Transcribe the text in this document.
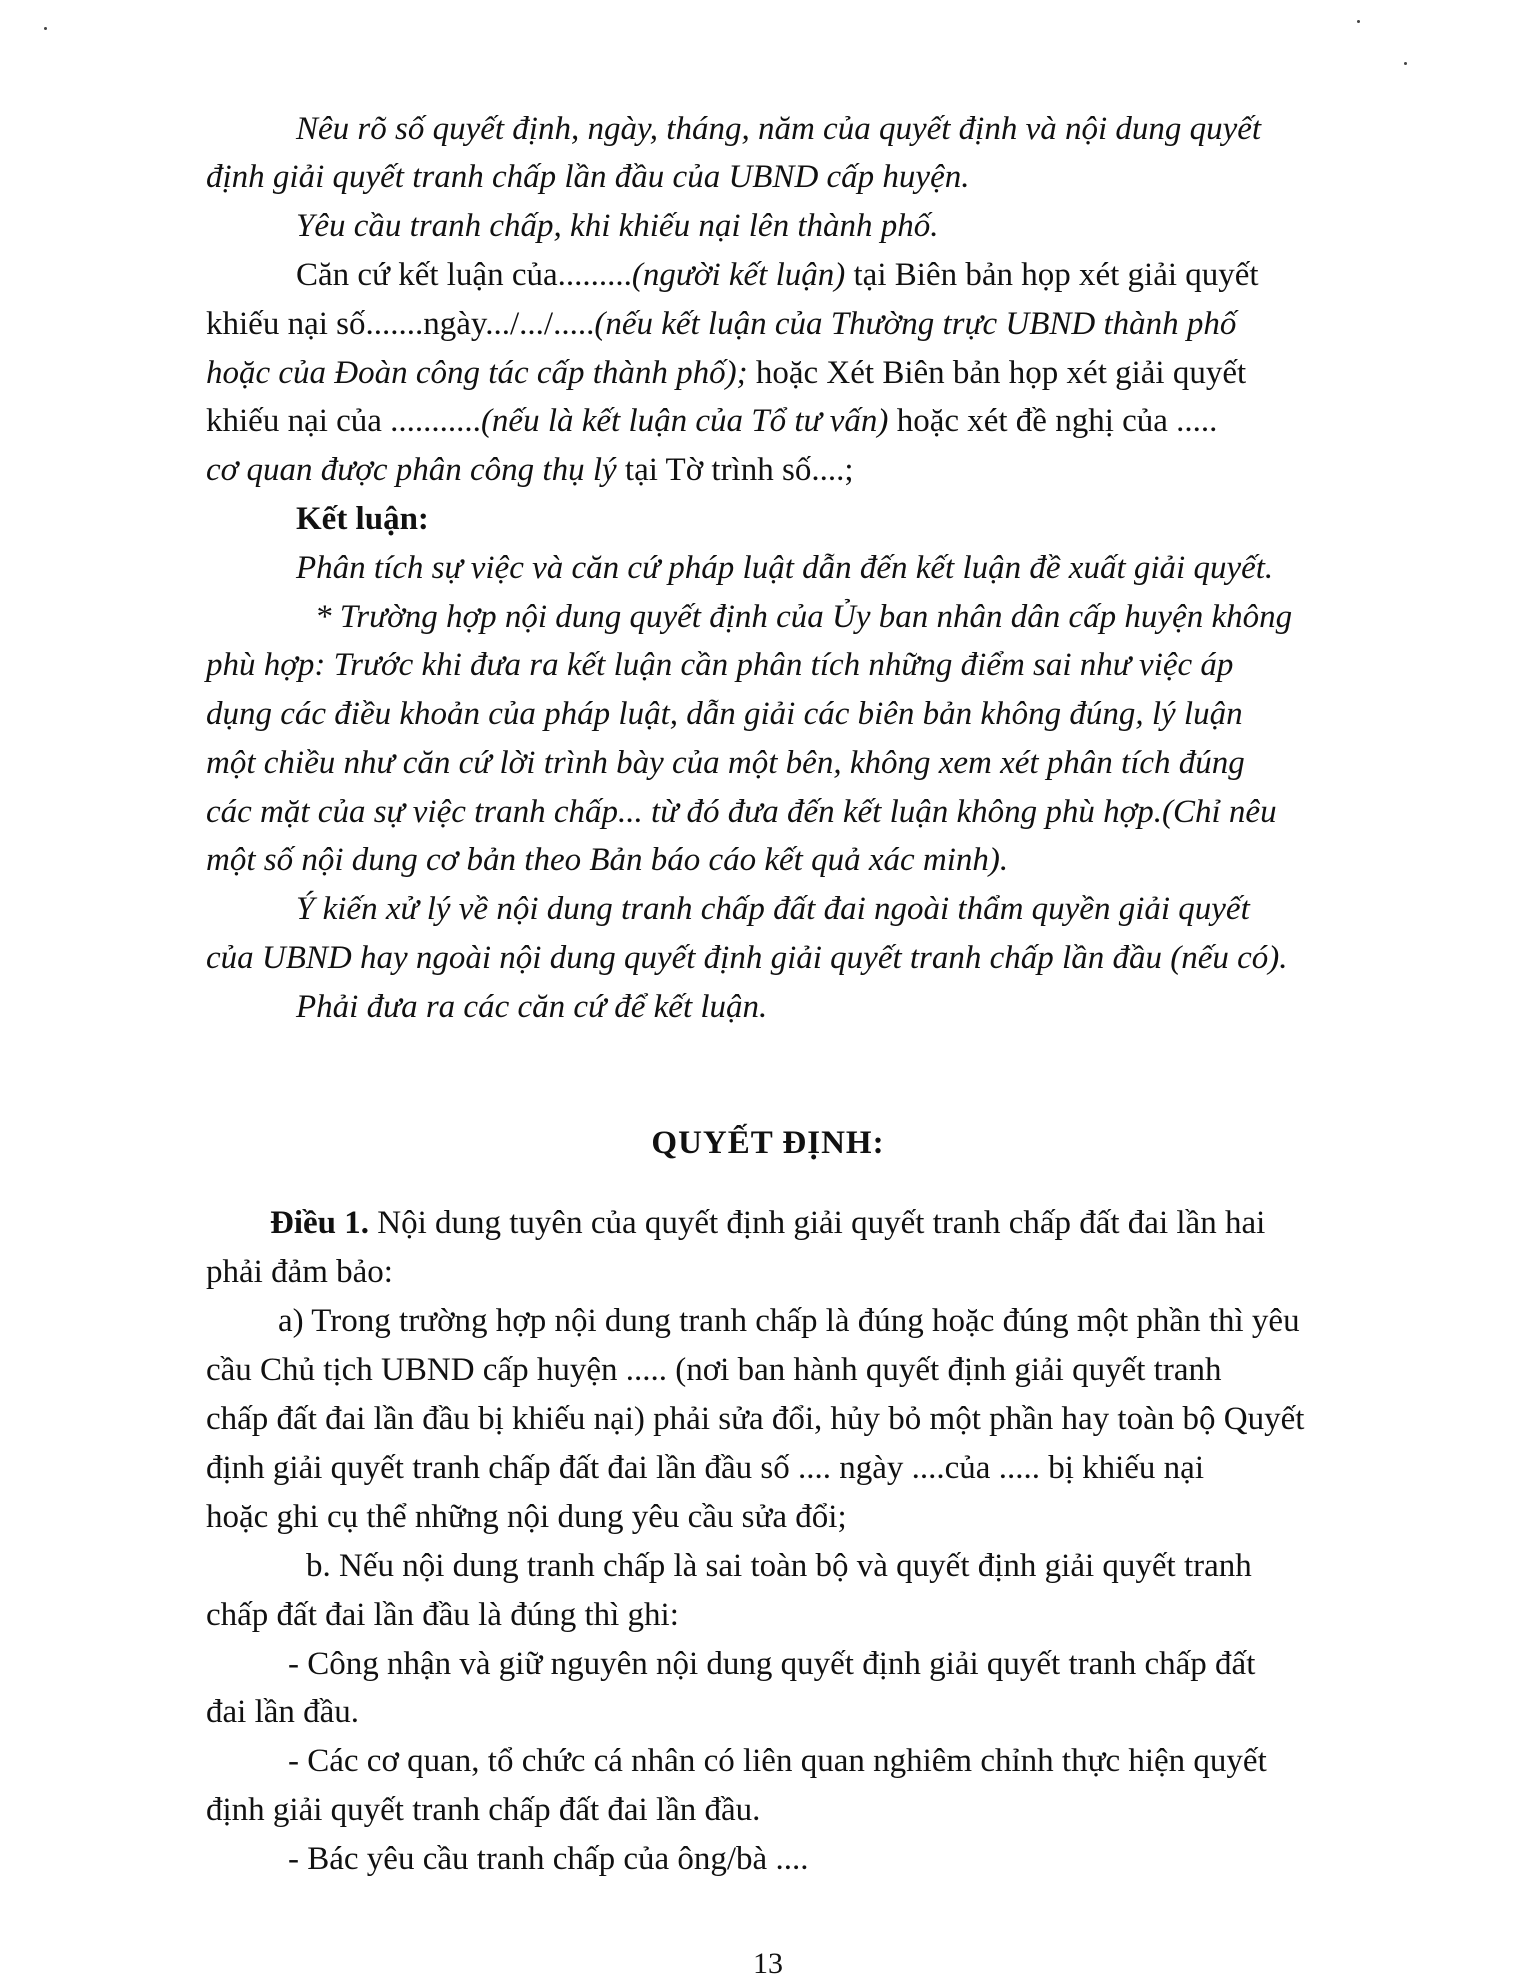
Nêu rõ số quyết định, ngày, tháng, năm của quyết định và nội dung quyết
định giải quyết tranh chấp lần đầu của UBND cấp huyện.
Yêu cầu tranh chấp, khi khiếu nại lên thành phố.
Căn cứ kết luận của.........(người kết luận) tại Biên bản họp xét giải quyết
khiếu nại số.......ngày.../.../.....(nếu kết luận của Thường trực UBND thành phố
hoặc của Đoàn công tác cấp thành phố); hoặc Xét Biên bản họp xét giải quyết
khiếu nại của ...........(nếu là kết luận của Tổ tư vấn) hoặc xét đề nghị của .....
cơ quan được phân công thụ lý tại Tờ trình số....;
Kết luận:
Phân tích sự việc và căn cứ pháp luật dẫn đến kết luận đề xuất giải quyết.
* Trường hợp nội dung quyết định của Ủy ban nhân dân cấp huyện không
phù hợp: Trước khi đưa ra kết luận cần phân tích những điểm sai như việc áp
dụng các điều khoản của pháp luật, dẫn giải các biên bản không đúng, lý luận
một chiều như căn cứ lời trình bày của một bên, không xem xét phân tích đúng
các mặt của sự việc tranh chấp... từ đó đưa đến kết luận không phù hợp.(Chỉ nêu
một số nội dung cơ bản theo Bản báo cáo kết quả xác minh).
Ý kiến xử lý về nội dung tranh chấp đất đai ngoài thẩm quyền giải quyết
của UBND hay ngoài nội dung quyết định giải quyết tranh chấp lần đầu (nếu có).
Phải đưa ra các căn cứ để kết luận.
Điều 1. Nội dung tuyên của quyết định giải quyết tranh chấp đất đai lần hai
phải đảm bảo:
a) Trong trường hợp nội dung tranh chấp là đúng hoặc đúng một phần thì yêu
cầu Chủ tịch UBND cấp huyện ..... (nơi ban hành quyết định giải quyết tranh
chấp đất đai lần đầu bị khiếu nại) phải sửa đổi, hủy bỏ một phần hay toàn bộ Quyết
định giải quyết tranh chấp đất đai lần đầu số .... ngày ....của ..... bị khiếu nại
hoặc ghi cụ thể những nội dung yêu cầu sửa đổi;
b. Nếu nội dung tranh chấp là sai toàn bộ và quyết định giải quyết tranh
chấp đất đai lần đầu là đúng thì ghi:
- Công nhận và giữ nguyên nội dung quyết định giải quyết tranh chấp đất
đai lần đầu.
- Các cơ quan, tổ chức cá nhân có liên quan nghiêm chỉnh thực hiện quyết
định giải quyết tranh chấp đất đai lần đầu.
- Bác yêu cầu tranh chấp của ông/bà ....
QUYẾT ĐỊNH:
13
